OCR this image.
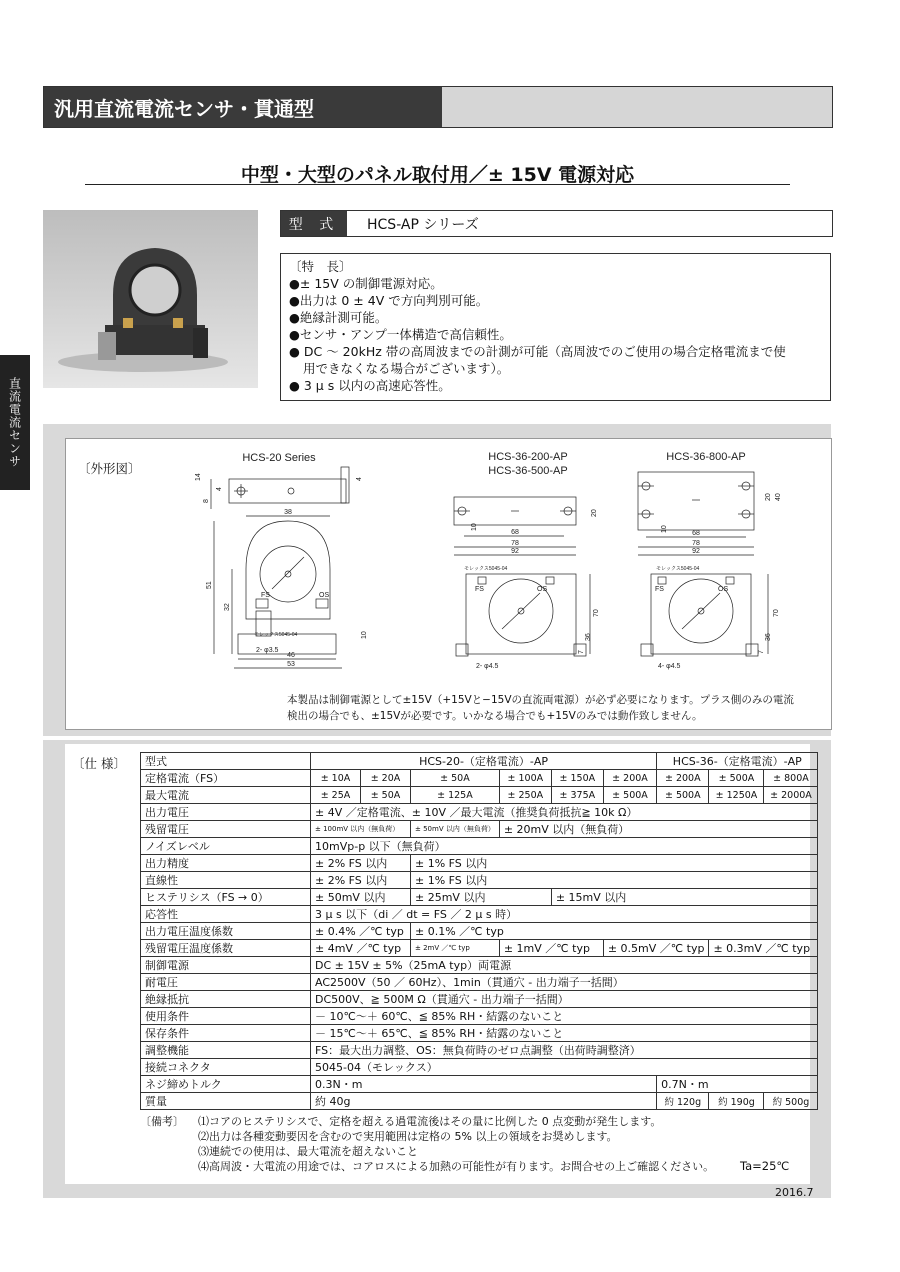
汎用直流電流センサ・貫通型
中型・大型のパネル取付用／± 15V 電源対応
直流電流センサ
型 式	HCS-AP シリーズ
〔特　長〕
●± 15V の制御電源対応。
●出力は 0 ± 4V で方向判別可能。
●絶縁計測可能。
●センサ・アンプ一体構造で高信頼性。
● DC 〜 20kHz 帯の高周波までの計測が可能（高周波でのご使用の場合定格電流まで使
用できなくなる場合がございます）。
● 3 μ s 以内の高速応答性。
〔外形図〕
HCS-20 Series
14
8
4
4
38
51
32
10
FS	OS
モレックス5045-04
2- φ3.5
46
53
HCS-36-200-AP
HCS-36-500-AP
68
78
92
10
20
モレックス5045-04
FS	OS
2- φ4.5
70
36
7
HCS-36-800-AP
68
78
92
10
20 40
モレックス5045-04
FS	OS
4- φ4.5
70
36
7
本製品は制御電源として±15V（+15Vと−15Vの直流両電源）が必ず必要になります。プラス側のみの電流
検出の場合でも、±15Vが必要です。いかなる場合でも+15Vのみでは動作致しません。
〔仕 様〕 型式	HCS-20-（定格電流）-AP						HCS-36-（定格電流）-AP		
定格電流（FS）	± 10A	± 20A	± 50A	± 100A	± 150A	± 200A	± 200A	± 500A	± 800A
最大電流	± 25A	± 50A	± 125A	± 250A	± 375A	± 500A	± 500A	± 1250A	± 2000A
出力電圧	± 4V ／定格電流、± 10V ／最大電流（推奨負荷抵抗≧ 10k Ω）								
残留電圧	± 100mV 以内（無負荷）		± 50mV 以内（無負荷）	± 20mV 以内（無負荷）					
ノイズレベル	10mVp-p 以下（無負荷）								
出力精度	± 2% FS 以内		± 1% FS 以内						
直線性	± 2% FS 以内		± 1% FS 以内						
ヒステリシス（FS → 0）	± 50mV 以内		± 25mV 以内		± 15mV 以内				
応答性	3 μ s 以下（di ／ dt = FS ／ 2 μ s 時）								
出力電圧温度係数	± 0.4% ／℃ typ		± 0.1% ／℃ typ						
残留電圧温度係数	± 4mV ／℃ typ		± 2mV ／℃ typ	± 1mV ／℃ typ		± 0.5mV ／℃ typ		± 0.3mV ／℃ typ	
制御電源	DC ± 15V ± 5%（25mA typ）両電源								
耐電圧	AC2500V（50 ／ 60Hz）、1min（貫通穴 - 出力端子一括間）								
絶縁抵抗	DC500V、≧ 500M Ω（貫通穴 - 出力端子一括間）								
使用条件	－ 10℃〜＋ 60℃、≦ 85% RH・結露のないこと								
保存条件	－ 15℃〜＋ 65℃、≦ 85% RH・結露のないこと								
調整機能	FS：最大出力調整、OS：無負荷時のゼロ点調整（出荷時調整済）								
接続コネクタ	5045-04（モレックス）								
ネジ締めトルク	0.3N・m						0.7N・m		
質量	約 40g						約 120g	約 190g	約 500g
〔備考〕	⑴コアのヒステリシスで、定格を超える過電流後はその量に比例した 0 点変動が発生します。
⑵出力は各種変動要因を含むので実用範囲は定格の 5% 以上の領域をお奨めします。
⑶連続での使用は、最大電流を超えないこと
⑷高周波・大電流の用途では、コアロスによる加熱の可能性が有ります。お問合せの上ご確認ください。 Ta=25℃
2016.7
